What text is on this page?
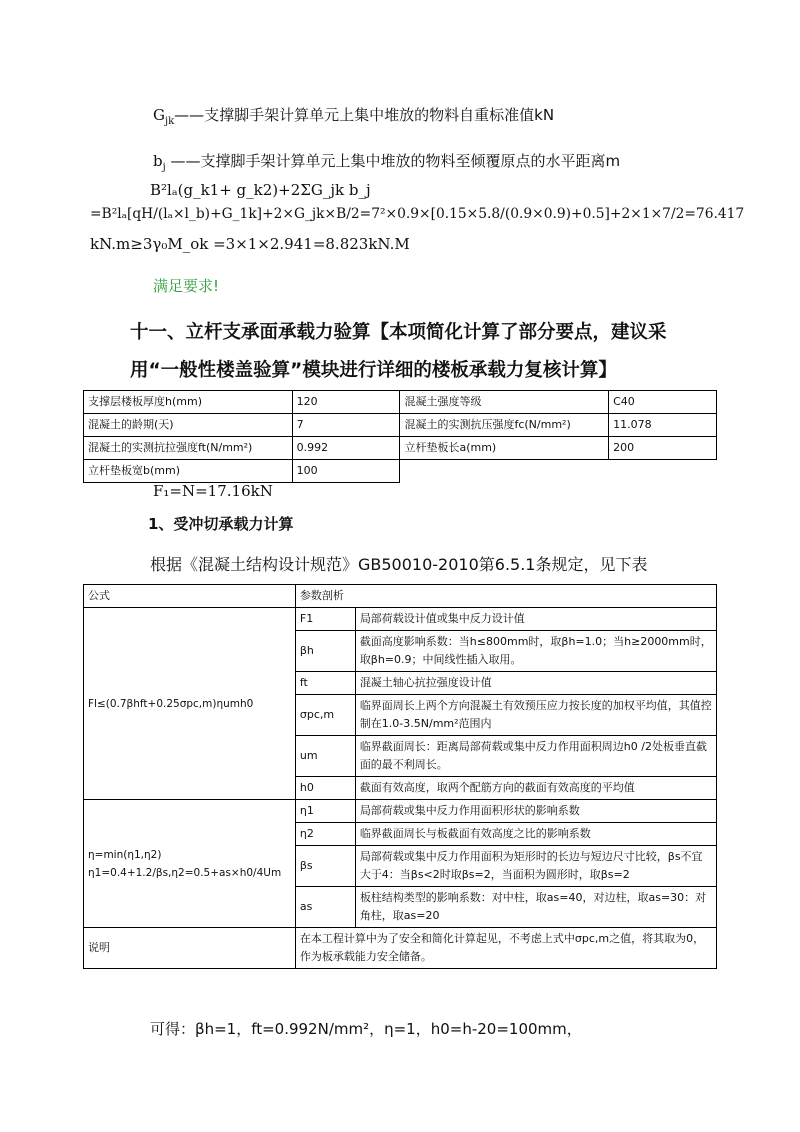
$G_{jk}——$支撑脚手架计算单元上集中堆放的物料自重标准值kN
$b_j$ ——支撑脚手架计算单元上集中堆放的物料至倾覆原点的水平距离m
B²lₐ(g_k1+ g_k2)+2ΣG_jk b_j
=B²lₐ[qH/(lₐ×l_b)+G_1k]+2×G_jk×B/2=7²×0.9×[0.15×5.8/(0.9×0.9)+0.5]+2×1×7/2=76.417
kN.m≥3γ₀M_ok =3×1×2.941=8.823kN.M
满足要求!
十一、立杆支承面承载力验算【本项简化计算了部分要点，建议采
用“一般性楼盖验算”模块进行详细的楼板承载力复核计算】
支撑层楼板厚度h(mm)	120	混凝土强度等级	C40
混凝土的龄期(天)	7	混凝土的实测抗压强度fc(N/mm²)	11.078
混凝土的实测抗拉强度ft(N/mm²)	0.992	立杆垫板长a(mm)	200
立杆垫板宽b(mm)	100		
F₁=N=17.16kN
1、受冲切承载力计算
根据《混凝土结构设计规范》GB50010-2010第6.5.1条规定，见下表
公式	参数剖析	
Fl≤(0.7βhft+0.25σpc,m)ηumh0	F1	局部荷载设计值或集中反力设计值
	βh	截面高度影响系数：当h≤800mm时，取βh=1.0；当h≥2000mm时，取βh=0.9；中间线性插入取用。
	ft	混凝土轴心抗拉强度设计值
	σpc,m	临界面周长上两个方向混凝土有效预压应力按长度的加权平均值，其值控制在1.0-3.5N/mm²范围内
	um	临界截面周长：距离局部荷载或集中反力作用面积周边h0 /2处板垂直截面的最不利周长。
	h0	截面有效高度，取两个配筋方向的截面有效高度的平均值

η=min(η1,η2)
η1=0.4+1.2/βs,η2=0.5+as×h0/4Um	η1	局部荷载或集中反力作用面积形状的影响系数
	η2	临界截面周长与板截面有效高度之比的影响系数
	βs	局部荷载或集中反力作用面积为矩形时的长边与短边尺寸比较，βs不宜大于4：当βs<2时取βs=2，当面积为圆形时，取βs=2
	as	板柱结构类型的影响系数：对中柱，取as=40，对边柱，取as=30：对角柱，取as=20
说明	在本工程计算中为了安全和简化计算起见，不考虑上式中σpc,m之值，将其取为0，作为板承载能力安全储备。	
可得：βh=1，ft=0.992N/mm²，η=1，h0=h-20=100mm，
